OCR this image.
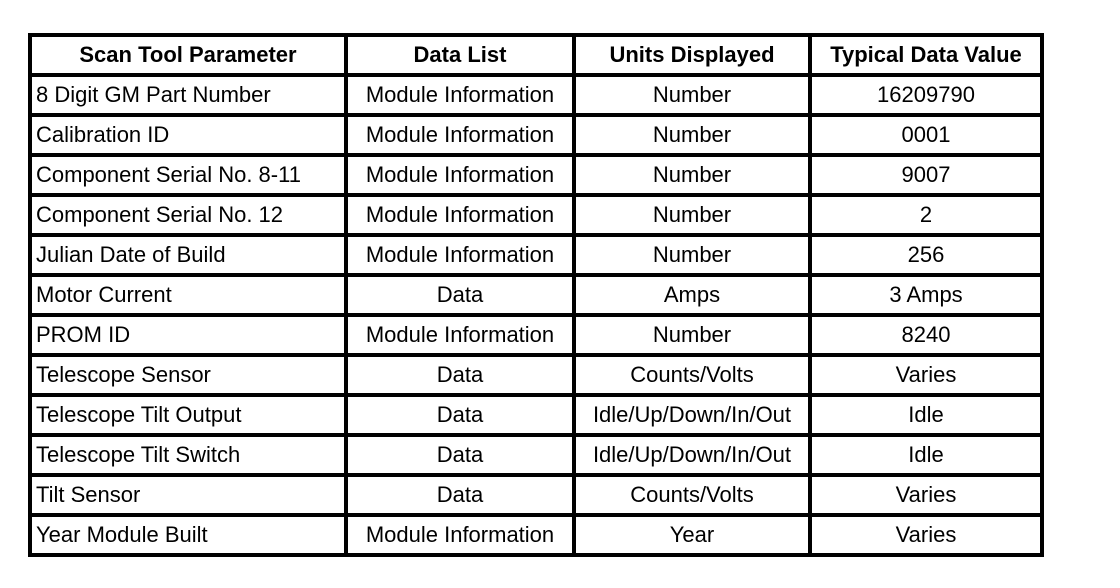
Scan Tool Parameter	Data List	Units Displayed	Typical Data Value
8 Digit GM Part Number	Module Information	Number	16209790
Calibration ID	Module Information	Number	0001
Component Serial No. 8-11	Module Information	Number	9007
Component Serial No. 12	Module Information	Number	2
Julian Date of Build	Module Information	Number	256
Motor Current	Data	Amps	3 Amps
PROM ID	Module Information	Number	8240
Telescope Sensor	Data	Counts/Volts	Varies
Telescope Tilt Output	Data	Idle/Up/Down/In/Out	Idle
Telescope Tilt Switch	Data	Idle/Up/Down/In/Out	Idle
Tilt Sensor	Data	Counts/Volts	Varies
Year Module Built	Module Information	Year	Varies
